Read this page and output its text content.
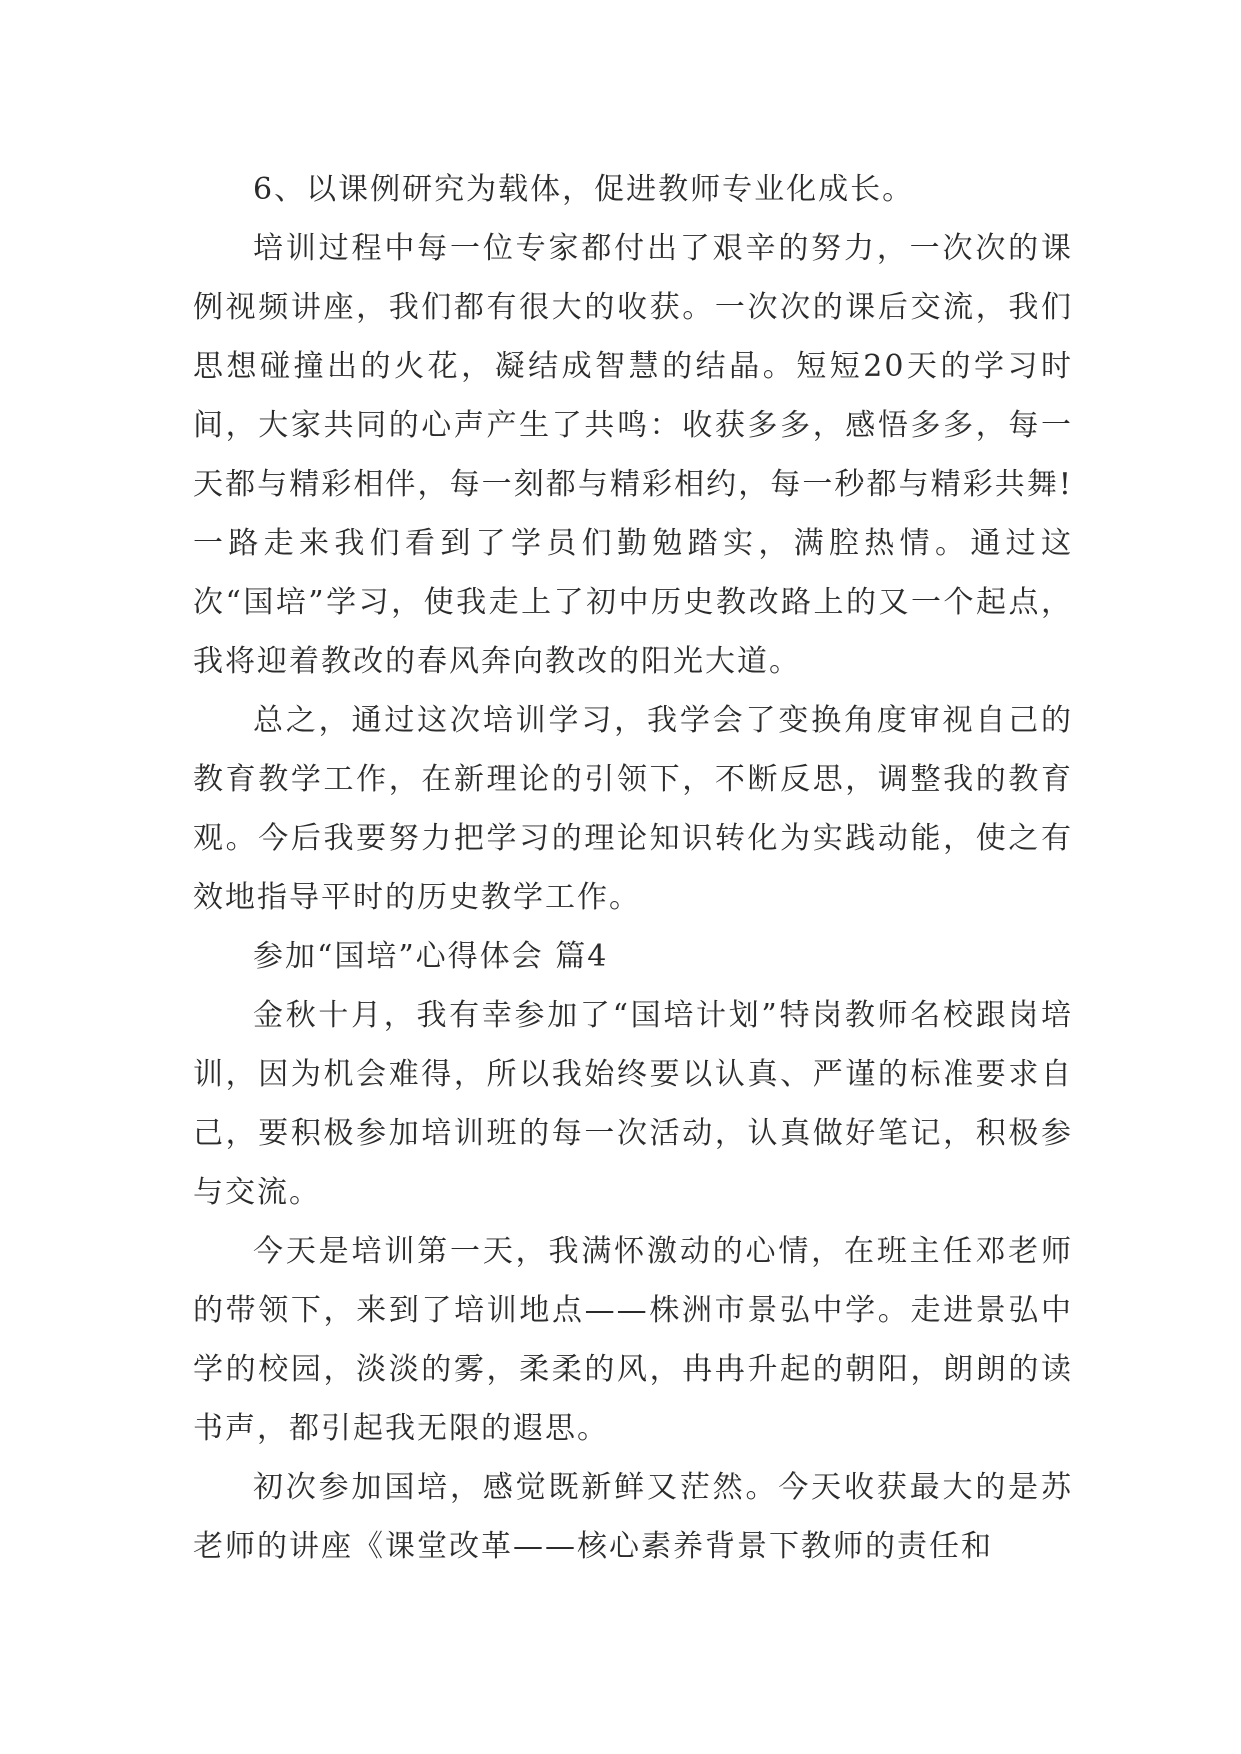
6、以课例研究为载体，促进教师专业化成长。

培训过程中每一位专家都付出了艰辛的努力，一次次的课例视频讲座，我们都有很大的收获。一次次的课后交流，我们思想碰撞出的火花，凝结成智慧的结晶。短短20天的学习时间，大家共同的心声产生了共鸣：收获多多，感悟多多，每一天都与精彩相伴，每一刻都与精彩相约，每一秒都与精彩共舞!一路走来我们看到了学员们勤勉踏实，满腔热情。通过这次“国培”学习，使我走上了初中历史教改路上的又一个起点，我将迎着教改的春风奔向教改的阳光大道。

总之，通过这次培训学习，我学会了变换角度审视自己的教育教学工作，在新理论的引领下，不断反思，调整我的教育观。今后我要努力把学习的理论知识转化为实践动能，使之有效地指导平时的历史教学工作。

参加“国培”心得体会 篇4

金秋十月，我有幸参加了“国培计划”特岗教师名校跟岗培训，因为机会难得，所以我始终要以认真、严谨的标准要求自己，要积极参加培训班的每一次活动，认真做好笔记，积极参与交流。

今天是培训第一天，我满怀激动的心情，在班主任邓老师的带领下，来到了培训地点——株洲市景弘中学。走进景弘中学的校园，淡淡的雾，柔柔的风，冉冉升起的朝阳，朗朗的读书声，都引起我无限的遐思。

初次参加国培，感觉既新鲜又茫然。今天收获最大的是苏老师的讲座《课堂改革——核心素养背景下教师的责任和
